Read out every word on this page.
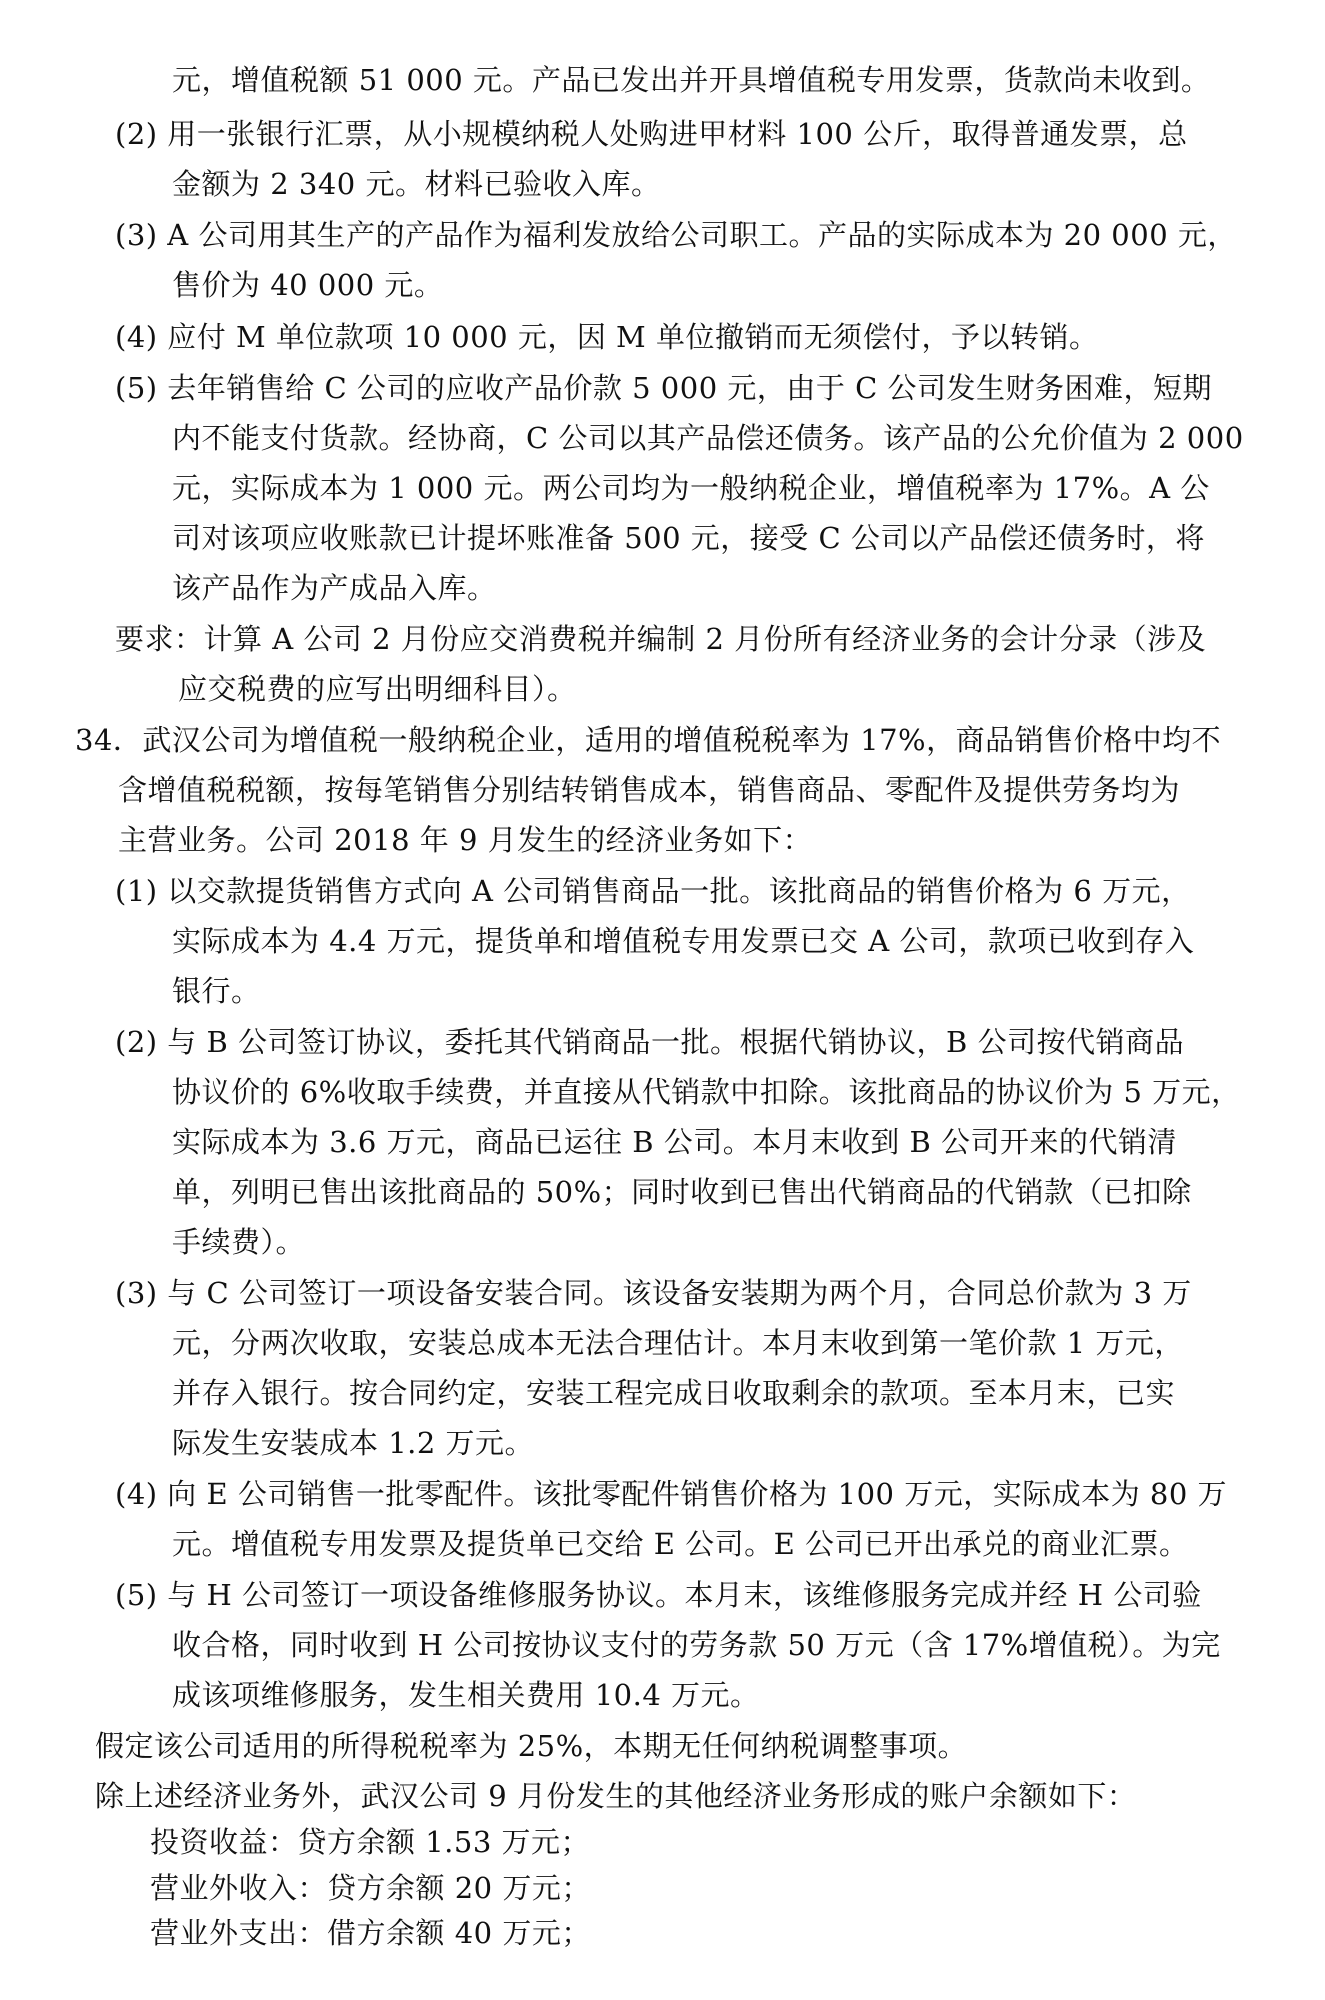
元，增值税额 51 000 元。产品已发出并开具增值税专用发票，货款尚未收到。
(2) 用一张银行汇票，从小规模纳税人处购进甲材料 100 公斤，取得普通发票，总
金额为 2 340 元。材料已验收入库。
(3) A 公司用其生产的产品作为福利发放给公司职工。产品的实际成本为 20 000 元，
售价为 40 000 元。
(4) 应付 M 单位款项 10 000 元，因 M 单位撤销而无须偿付，予以转销。
(5) 去年销售给 C 公司的应收产品价款 5 000 元，由于 C 公司发生财务困难，短期
内不能支付货款。经协商，C 公司以其产品偿还债务。该产品的公允价值为 2 000
元，实际成本为 1 000 元。两公司均为一般纳税企业，增值税率为 17%。A 公
司对该项应收账款已计提坏账准备 500 元，接受 C 公司以产品偿还债务时，将
该产品作为产成品入库。
要求：计算 A 公司 2 月份应交消费税并编制 2 月份所有经济业务的会计分录（涉及
应交税费的应写出明细科目）。
34．武汉公司为增值税一般纳税企业，适用的增值税税率为 17%，商品销售价格中均不
含增值税税额，按每笔销售分别结转销售成本，销售商品、零配件及提供劳务均为
主营业务。公司 2018 年 9 月发生的经济业务如下：
(1) 以交款提货销售方式向 A 公司销售商品一批。该批商品的销售价格为 6 万元，
实际成本为 4.4 万元，提货单和增值税专用发票已交 A 公司，款项已收到存入
银行。
(2) 与 B 公司签订协议，委托其代销商品一批。根据代销协议，B 公司按代销商品
协议价的 6%收取手续费，并直接从代销款中扣除。该批商品的协议价为 5 万元，
实际成本为 3.6 万元，商品已运往 B 公司。本月末收到 B 公司开来的代销清
单，列明已售出该批商品的 50%；同时收到已售出代销商品的代销款（已扣除
手续费）。
(3) 与 C 公司签订一项设备安装合同。该设备安装期为两个月，合同总价款为 3 万
元，分两次收取，安装总成本无法合理估计。本月末收到第一笔价款 1 万元，
并存入银行。按合同约定，安装工程完成日收取剩余的款项。至本月末，已实
际发生安装成本 1.2 万元。
(4) 向 E 公司销售一批零配件。该批零配件销售价格为 100 万元，实际成本为 80 万
元。增值税专用发票及提货单已交给 E 公司。E 公司已开出承兑的商业汇票。
(5) 与 H 公司签订一项设备维修服务协议。本月末，该维修服务完成并经 H 公司验
收合格，同时收到 H 公司按协议支付的劳务款 50 万元（含 17%增值税）。为完
成该项维修服务，发生相关费用 10.4 万元。
假定该公司适用的所得税税率为 25%，本期无任何纳税调整事项。
除上述经济业务外，武汉公司 9 月份发生的其他经济业务形成的账户余额如下：
投资收益：贷方余额 1.53 万元；
营业外收入：贷方余额 20 万元；
营业外支出：借方余额 40 万元；
